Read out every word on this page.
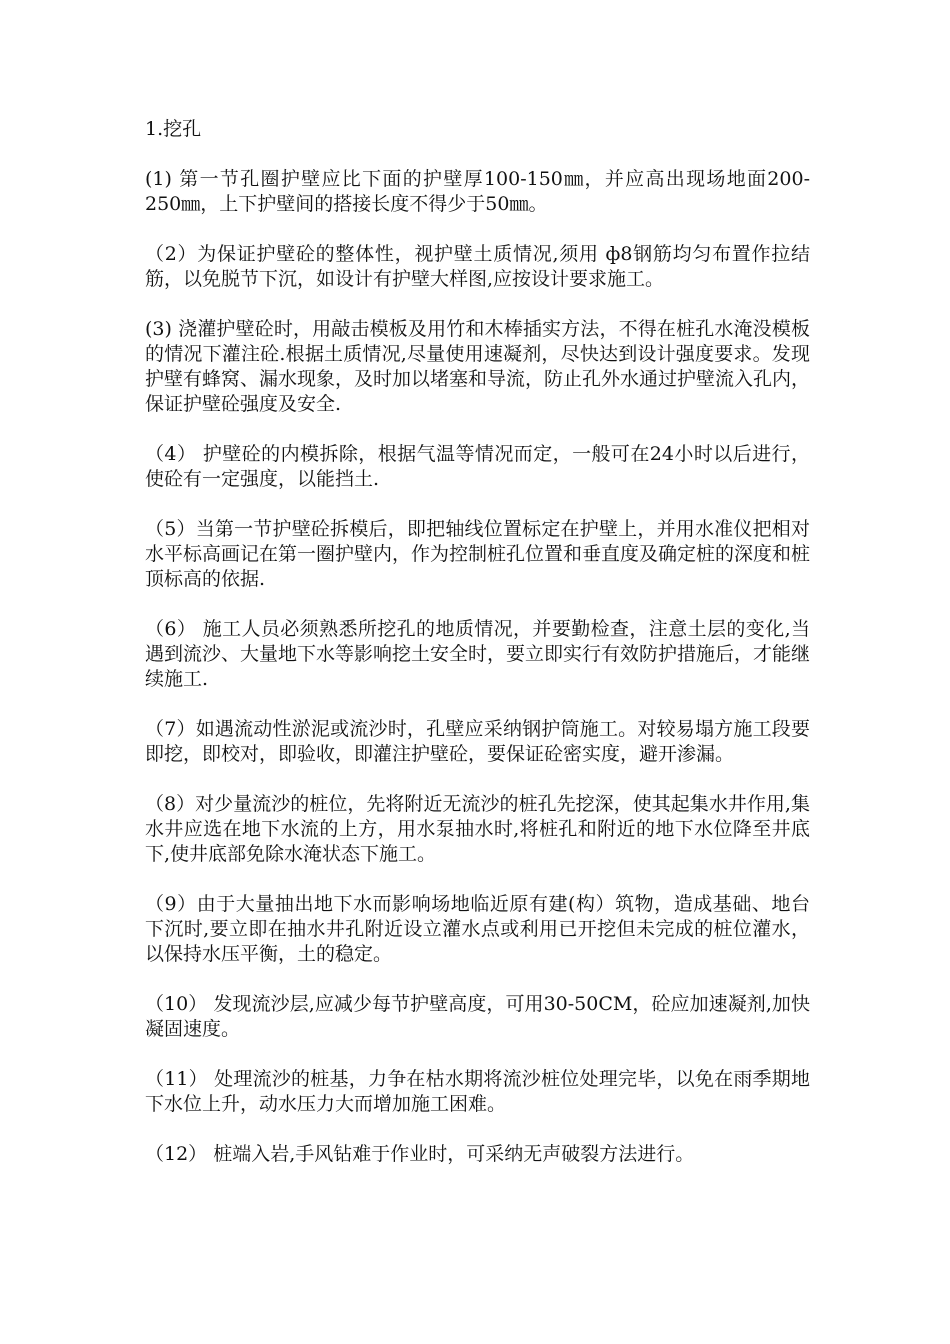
1.挖孔

(1) 第一节孔圈护壁应比下面的护壁厚100-150㎜，并应高出现场地面200-250㎜，上下护壁间的搭接长度不得少于50㎜。

（2）为保证护壁砼的整体性，视护壁土质情况,须用 ф8钢筋均匀布置作拉结筋，以免脱节下沉，如设计有护壁大样图,应按设计要求施工。

(3) 浇灌护壁砼时，用敲击模板及用竹和木棒插实方法，不得在桩孔水淹没模板的情况下灌注砼.根据土质情况,尽量使用速凝剂，尽快达到设计强度要求。发现护壁有蜂窝、漏水现象，及时加以堵塞和导流，防止孔外水通过护壁流入孔内，保证护壁砼强度及安全.

（4） 护壁砼的内模拆除，根据气温等情况而定，一般可在24小时以后进行，使砼有一定强度，以能挡土.

（5）当第一节护壁砼拆模后，即把轴线位置标定在护壁上，并用水准仪把相对水平标高画记在第一圈护壁内，作为控制桩孔位置和垂直度及确定桩的深度和桩顶标高的依据.

（6） 施工人员必须熟悉所挖孔的地质情况，并要勤检查，注意土层的变化,当遇到流沙、大量地下水等影响挖土安全时，要立即实行有效防护措施后，才能继续施工.

（7）如遇流动性淤泥或流沙时，孔壁应采纳钢护筒施工。对较易塌方施工段要即挖，即校对，即验收，即灌注护壁砼，要保证砼密实度，避开渗漏。

（8）对少量流沙的桩位，先将附近无流沙的桩孔先挖深，使其起集水井作用,集水井应选在地下水流的上方，用水泵抽水时,将桩孔和附近的地下水位降至井底下,使井底部免除水淹状态下施工。

（9）由于大量抽出地下水而影响场地临近原有建(构）筑物，造成基础、地台下沉时,要立即在抽水井孔附近设立灌水点或利用已开挖但未完成的桩位灌水，以保持水压平衡，土的稳定。

（10） 发现流沙层,应减少每节护壁高度，可用30-50CM，砼应加速凝剂,加快凝固速度。

（11） 处理流沙的桩基，力争在枯水期将流沙桩位处理完毕，以免在雨季期地下水位上升，动水压力大而增加施工困难。

（12） 桩端入岩,手风钻难于作业时，可采纳无声破裂方法进行。
